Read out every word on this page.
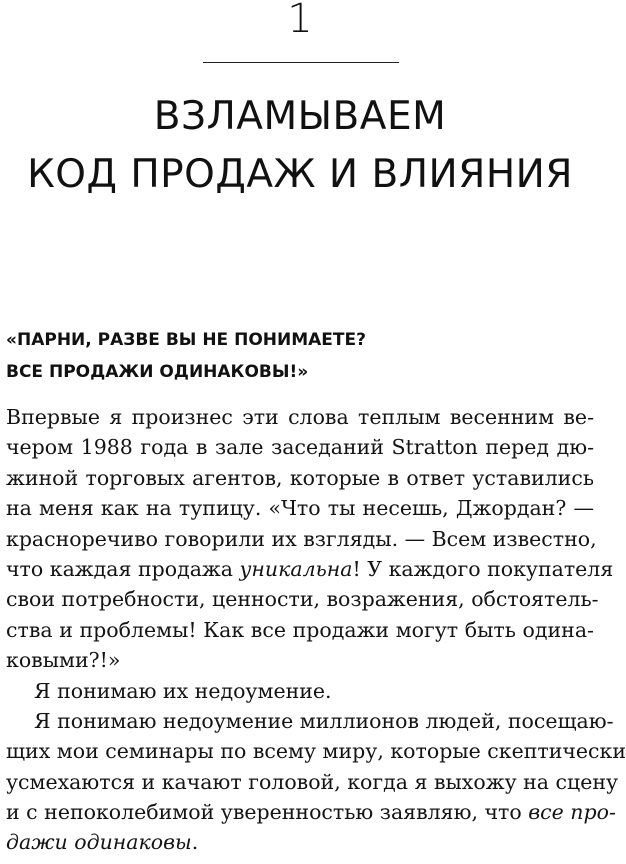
1
ВЗЛАМЫВАЕМ
КОД ПРОДАЖ И ВЛИЯНИЯ
«ПАРНИ, РАЗВЕ ВЫ НЕ ПОНИМАЕТЕ?
ВСЕ ПРОДАЖИ ОДИНАКОВЫ!»
Впервые я произнес эти слова теплым весенним ве-
чером 1988 года в зале заседаний Stratton перед дю-
жиной торговых агентов, которые в ответ уставились
на меня как на тупицу. «Что ты несешь, Джордан? —
красноречиво говорили их взгляды. — Всем известно,
что каждая продажа уникальна! У каждого покупателя
свои потребности, ценности, возражения, обстоятель-
ства и проблемы! Как все продажи могут быть одина-
ковыми?!»
Я понимаю их недоумение.
Я понимаю недоумение миллионов людей, посещаю-
щих мои семинары по всему миру, которые скептически
усмехаются и качают головой, когда я выхожу на сцену
и с непоколебимой уверенностью заявляю, что все про-
дажи одинаковы.
